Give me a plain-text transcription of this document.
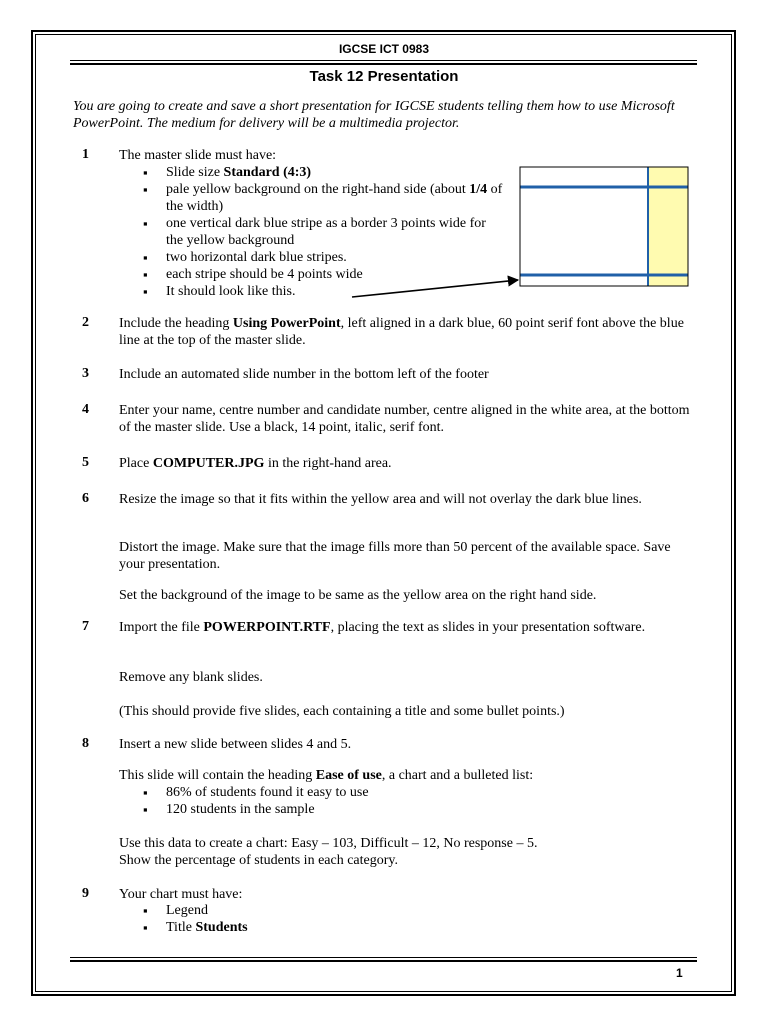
IGCSE ICT 0983
Task 12 Presentation
You are going to create and save a short presentation for IGCSE students telling them how to use Microsoft PowerPoint. The medium for delivery will be a multimedia projector.
1 The master slide must have:
▪ Slide size Standard (4:3)
▪ pale yellow background on the right-hand side (about 1/4 of the width)
▪ one vertical dark blue stripe as a border 3 points wide for the yellow background
▪ two horizontal dark blue stripes.
▪ each stripe should be 4 points wide
▪ It should look like this.
2 Include the heading Using PowerPoint, left aligned in a dark blue, 60 point serif font above the blue line at the top of the master slide.
3 Include an automated slide number in the bottom left of the footer
4 Enter your name, centre number and candidate number, centre aligned in the white area, at the bottom of the master slide. Use a black, 14 point, italic, serif font.
5 Place COMPUTER.JPG in the right-hand area.
6 Resize the image so that it fits within the yellow area and will not overlay the dark blue lines.
Distort the image. Make sure that the image fills more than 50 percent of the available space. Save your presentation.
Set the background of the image to be same as the yellow area on the right hand side.
7 Import the file POWERPOINT.RTF, placing the text as slides in your presentation software.
Remove any blank slides.
(This should provide five slides, each containing a title and some bullet points.)
8 Insert a new slide between slides 4 and 5.
This slide will contain the heading Ease of use, a chart and a bulleted list:
▪ 86% of students found it easy to use
▪ 120 students in the sample
Use this data to create a chart: Easy – 103, Difficult – 12, No response – 5.
Show the percentage of students in each category.
9 Your chart must have:
▪ Legend
▪ Title Students
1
